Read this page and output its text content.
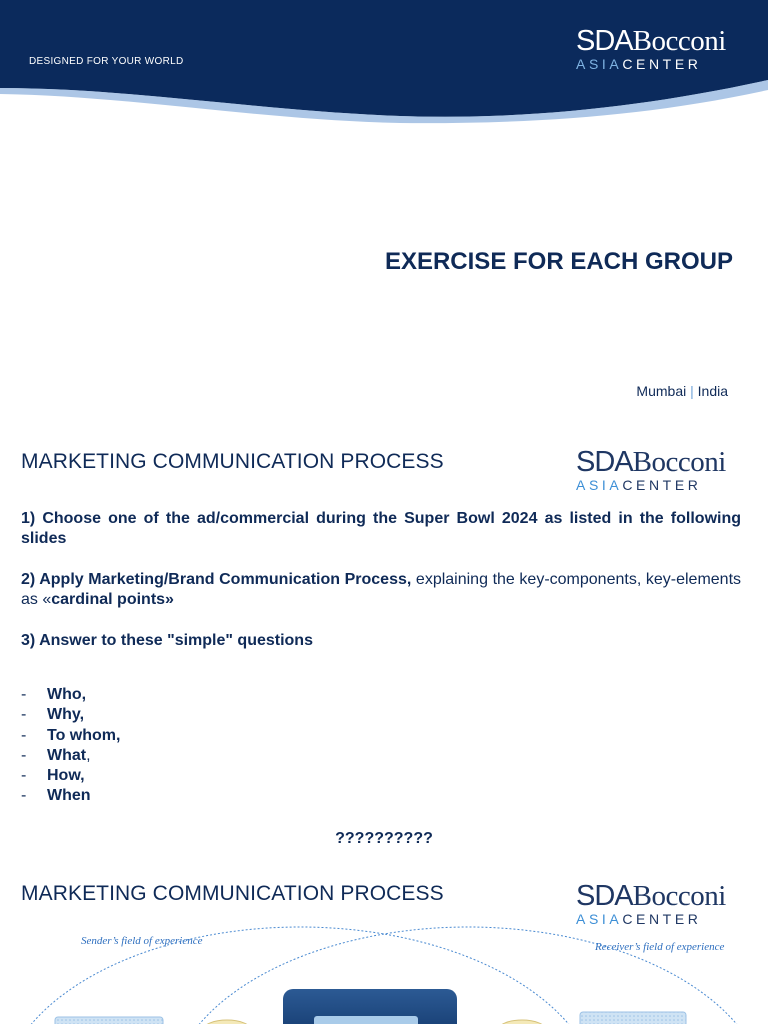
DESIGNED FOR YOUR WORLD
SDABocconi
ASIACENTER
EXERCISE FOR EACH GROUP
Mumbai | India
MARKETING COMMUNICATION PROCESS	SDABocconi
ASIACENTER

1) Choose one of the ad/commercial during the Super Bowl 2024 as listed in the following slides

2) Apply Marketing/Brand Communication Process, explaining the key-components, key-elements as «cardinal points»

3) Answer to these "simple" questions

- Who,
- Why,
- To whom,
- What,
- How,
- When
??????????
MARKETING COMMUNICATION PROCESS	SDABocconi
ASIACENTER
Sender’s field of experience	Receiver’s field of experience
